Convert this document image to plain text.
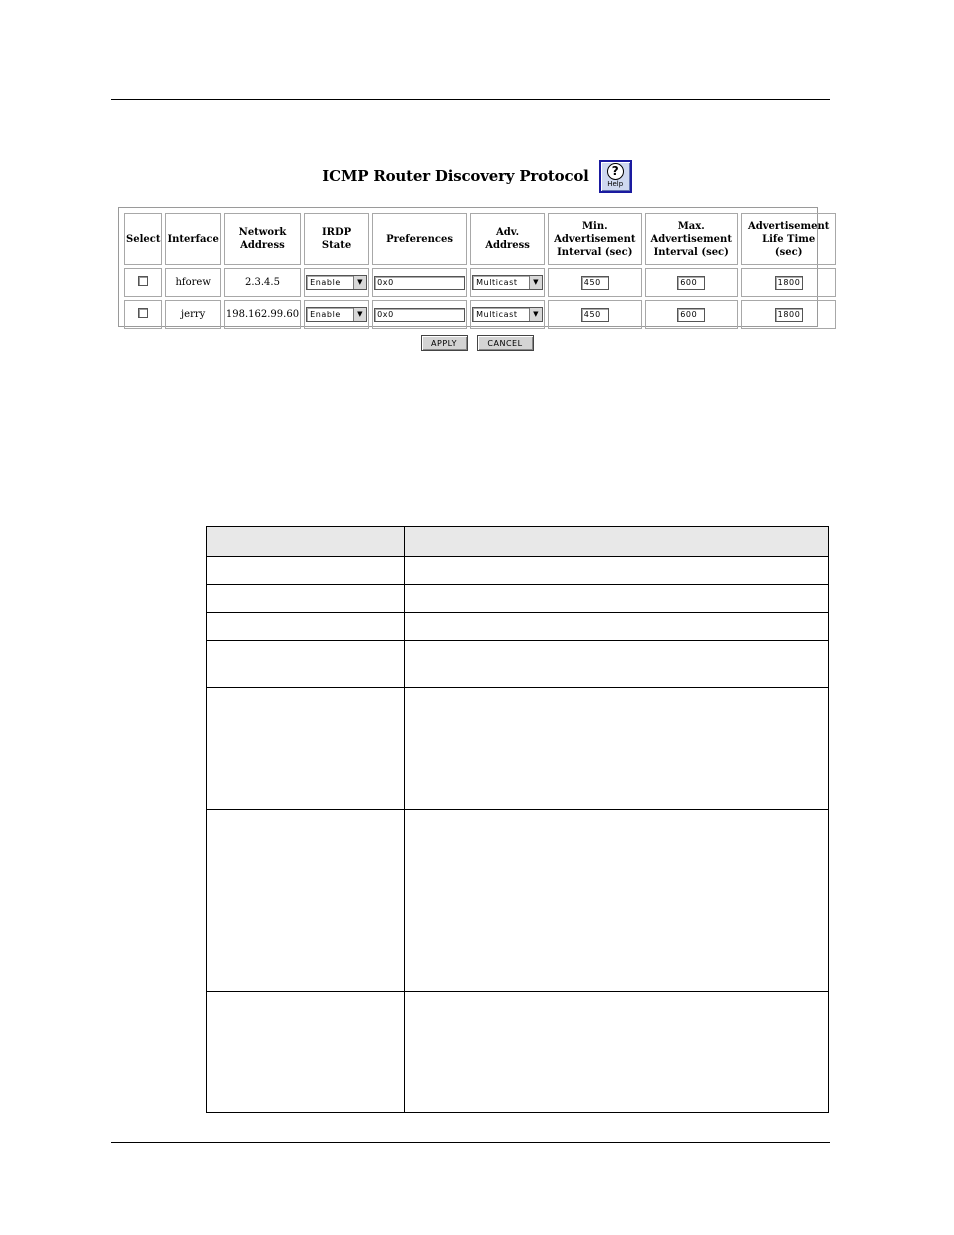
ICMP Router Discovery Protocol	?
Help
Select	Interface	Network Address	IRDP State	Preferences	Adv. Address	Min. Advertisement Interval (sec)	Max. Advertisement Interval (sec)	Advertisement Life Time (sec)
	hforew	2.3.4.5	Enable ▼	0x0	Multicast ▼	450	600	1800
	jerry	198.162.99.60	Enable ▼	0x0	Multicast ▼	450	600	1800
APPLY	CANCEL
